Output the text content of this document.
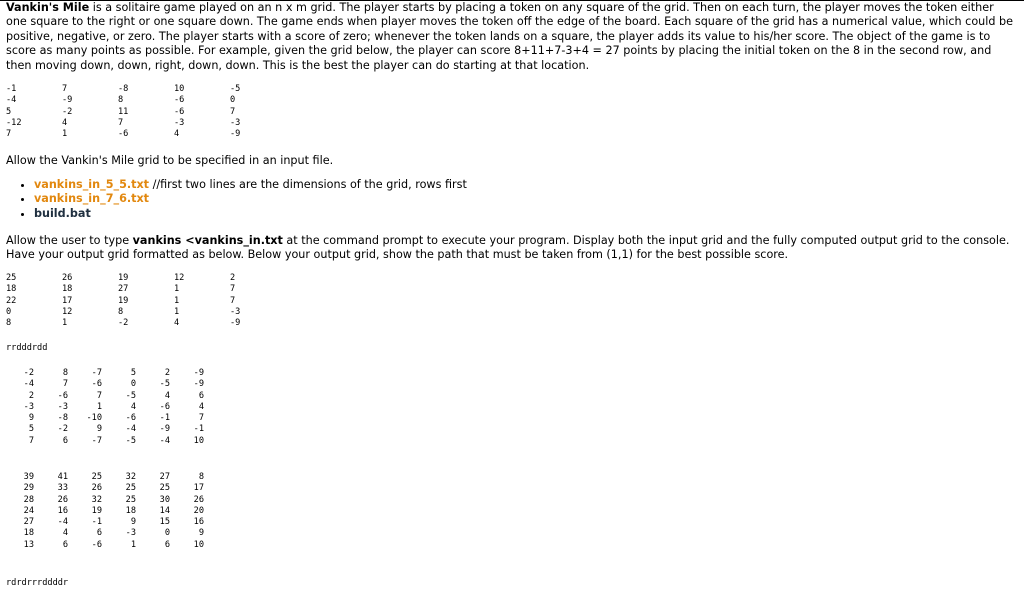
Vankin's Mile is a solitaire game played on an n x m grid. The player starts by placing a token on any square of the grid. Then on each turn, the player moves the token either one square to the right or one square down. The game ends when player moves the token off the edge of the board. Each square of the grid has a numerical value, which could be positive, negative, or zero. The player starts with a score of zero; whenever the token lands on a square, the player adds its value to his/her score. The object of the game is to score as many points as possible. For example, given the grid below, the player can score 8+11+7-3+4 = 27 points by placing the initial token on the 8 in the second row, and then moving down, down, right, down, down. This is the best the player can do starting at that location.
-1	7	-8	10	-5
-4	-9	8	-6	0
5	-2	11	-6	7
-12	4	7	-3	-3
7	1	-6	4	-9
Allow the Vankin's Mile grid to be specified in an input file.
• vankins_in_5_5.txt //first two lines are the dimensions of the grid, rows first
• vankins_in_7_6.txt
• build.bat
Allow the user to type vankins <vankins_in.txt at the command prompt to execute your program. Display both the input grid and the fully computed output grid to the console. Have your output grid formatted as below. Below your output grid, show the path that must be taken from (1,1) for the best possible score.
25	26	19	12	2
18	18	27	1	7
22	17	19	1	7
0	12	8	1	-3
8	1	-2	4	-9
rrdddrdd
-2	8	-7	5	2	-9
-4	7	-6	0	-5	-9
2	-6	7	-5	4	6
-3	-3	1	4	-6	4
9	-8	-10	-6	-1	7
5	-2	9	-4	-9	-1
7	6	-7	-5	-4	10
39	41	25	32	27	8
29	33	26	25	25	17
28	26	32	25	30	26
24	16	19	18	14	20
27	-4	-1	9	15	16
18	4	6	-3	0	9
13	6	-6	1	6	10
rdrdrrrddddr
